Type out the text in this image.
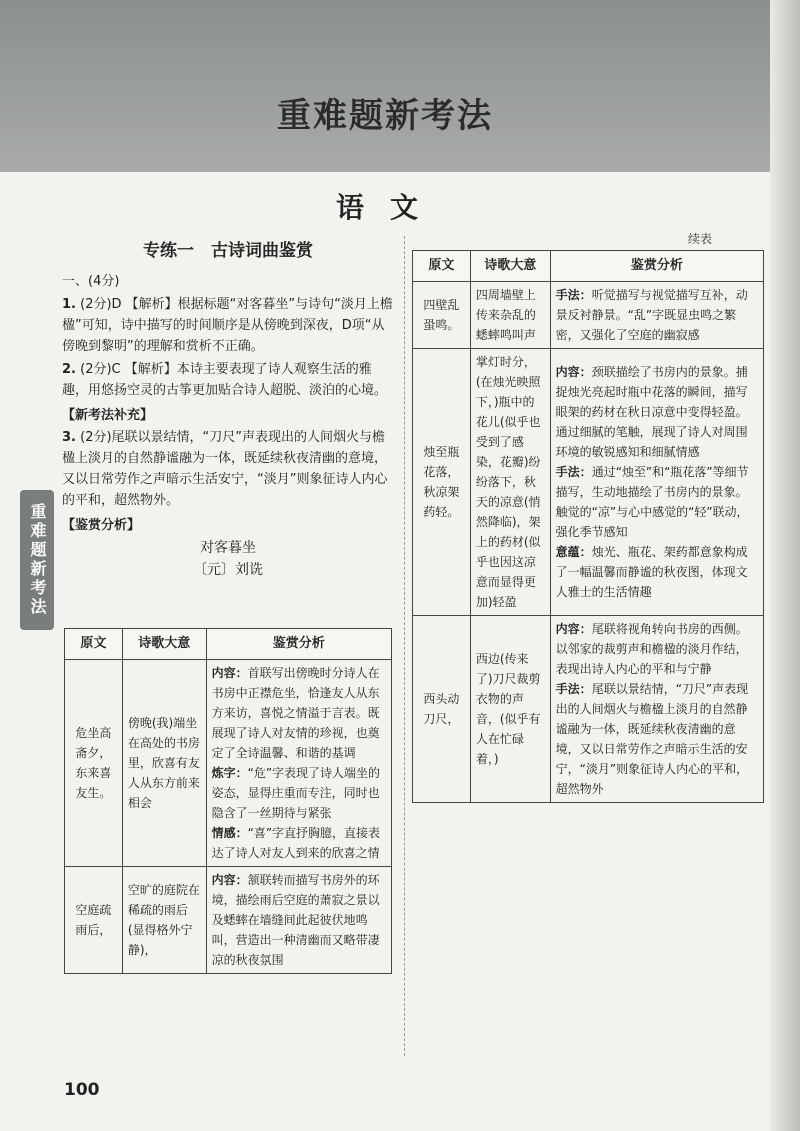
重难题新考法
语文
重难题新考法
专练一　古诗词曲鉴赏

一、(4分)

1. (2分)D 【解析】根据标题“对客暮坐”与诗句“淡月上檐楹”可知，诗中描写的时间顺序是从傍晚到深夜，D项“从傍晚到黎明”的理解和赏析不正确。

2. (2分)C 【解析】本诗主要表现了诗人观察生活的雅趣，用悠扬空灵的古筝更加贴合诗人超脱、淡泊的心境。

【新考法补充】

3. (2分)尾联以景结情，“刀尺”声表现出的人间烟火与檐楹上淡月的自然静谧融为一体，既延续秋夜清幽的意境，又以日常劳作之声暗示生活安宁，“淡月”则象征诗人内心的平和，超然物外。

【鉴赏分析】
对客暮坐
〔元〕刘诜
原文	诗歌大意	鉴赏分析
危坐高斋夕，东来喜友生。	傍晚(我)端坐在高处的书房里，欣喜有友人从东方前来相会	内容：首联写出傍晚时分诗人在书房中正襟危坐，恰逢友人从东方来访，喜悦之情溢于言表。既展现了诗人对友情的珍视，也奠定了全诗温馨、和谐的基调
炼字：“危”字表现了诗人端坐的姿态，显得庄重而专注，同时也隐含了一丝期待与紧张
情感：“喜”字直抒胸臆，直接表达了诗人对友人到来的欣喜之情

空庭疏雨后，	空旷的庭院在稀疏的雨后(显得格外宁静)，	内容：颔联转而描写书房外的环境，描绘雨后空庭的萧寂之景以及蟋蟀在墙缝间此起彼伏地鸣叫，营造出一种清幽而又略带凄凉的秋夜氛围
续表
原文	诗歌大意	鉴赏分析
四壁乱蛩鸣。	四周墙壁上传来杂乱的蟋蟀鸣叫声	手法：听觉描写与视觉描写互补，动景反衬静景。“乱”字既显虫鸣之繁密，又强化了空庭的幽寂感

烛至瓶花落，秋凉架药轻。	掌灯时分，(在烛光映照下，)瓶中的花儿(似乎也受到了感染，花瓣)纷纷落下，秋天的凉意(悄然降临)，架上的药材(似乎也因这凉意而显得更加)轻盈	内容：颈联描绘了书房内的景象。捕捉烛光亮起时瓶中花落的瞬间，描写眼架的药材在秋日凉意中变得轻盈。通过细腻的笔触，展现了诗人对周围环境的敏锐感知和细腻情感
手法：通过“烛至”和“瓶花落”等细节描写，生动地描绘了书房内的景象。触觉的“凉”与心中感觉的“轻”联动，强化季节感知
意蕴：烛光、瓶花、架药都意象构成了一幅温馨而静谧的秋夜图，体现文人雅士的生活情趣

西头动刀尺，	西边(传来了)刀尺裁剪衣物的声音，(似乎有人在忙碌着，)	内容：尾联将视角转向书房的西侧。以邻家的裁剪声和檐楹的淡月作结，表现出诗人内心的平和与宁静
手法：尾联以景结情，“刀尺”声表现出的人间烟火与檐楹上淡月的自然静谧融为一体，既延续秋夜清幽的意境，又以日常劳作之声暗示生活的安宁，“淡月”则象征诗人内心的平和，超然物外
100
